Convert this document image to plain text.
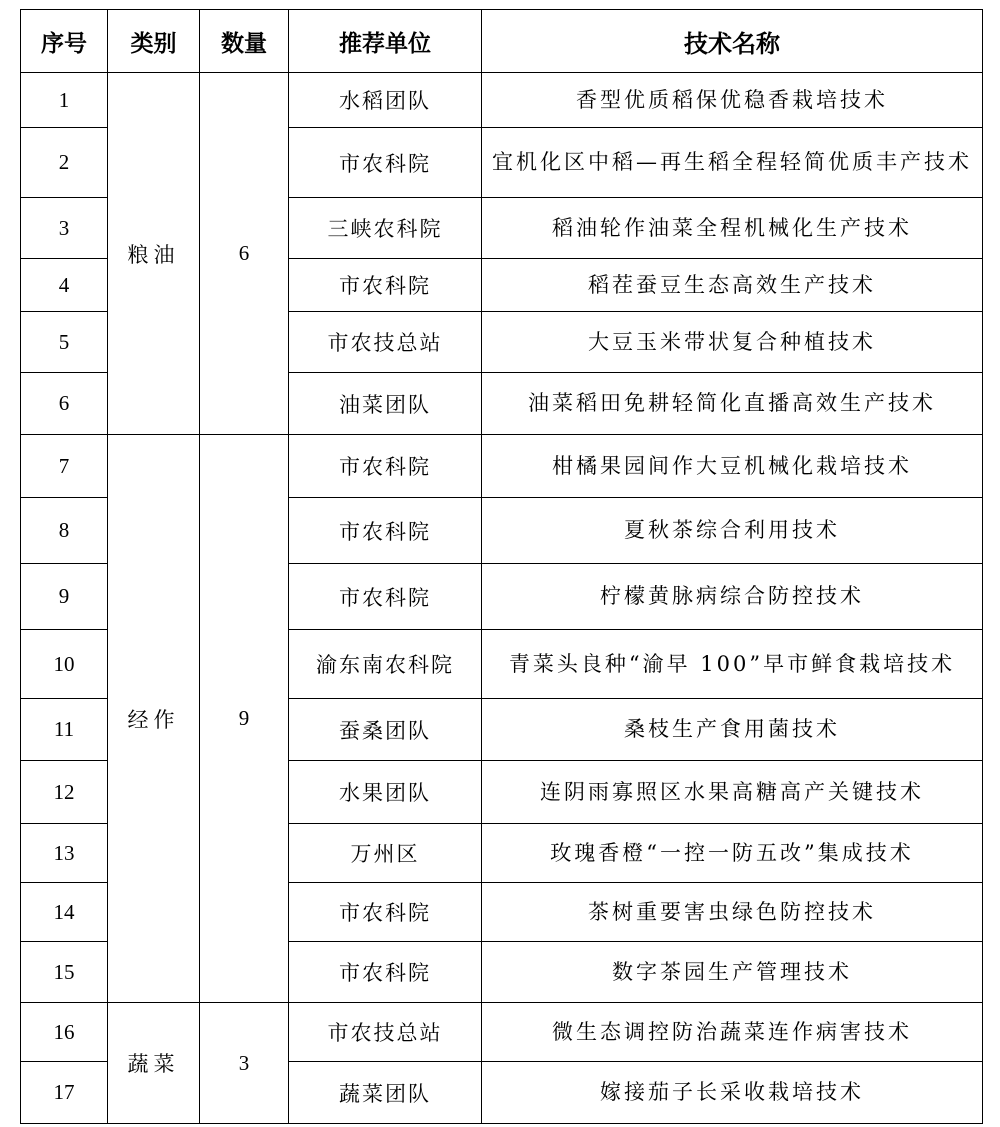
序号	类别	数量	推荐单位	技术名称
1	粮油	6	水稻团队	香型优质稻保优稳香栽培技术
2			市农科院	宜机化区中稻—再生稻全程轻简优质丰产技术
3			三峡农科院	稻油轮作油菜全程机械化生产技术
4			市农科院	稻茬蚕豆生态高效生产技术
5			市农技总站	大豆玉米带状复合种植技术
6			油菜团队	油菜稻田免耕轻简化直播高效生产技术
7	经作	9	市农科院	柑橘果园间作大豆机械化栽培技术
8			市农科院	夏秋茶综合利用技术
9			市农科院	柠檬黄脉病综合防控技术
10			渝东南农科院	青菜头良种“渝早 100”早市鲜食栽培技术
11			蚕桑团队	桑枝生产食用菌技术
12			水果团队	连阴雨寡照区水果高糖高产关键技术
13			万州区	玫瑰香橙“一控一防五改”集成技术
14			市农科院	茶树重要害虫绿色防控技术
15			市农科院	数字茶园生产管理技术
16	蔬菜	3	市农技总站	微生态调控防治蔬菜连作病害技术
17			蔬菜团队	嫁接茄子长采收栽培技术
